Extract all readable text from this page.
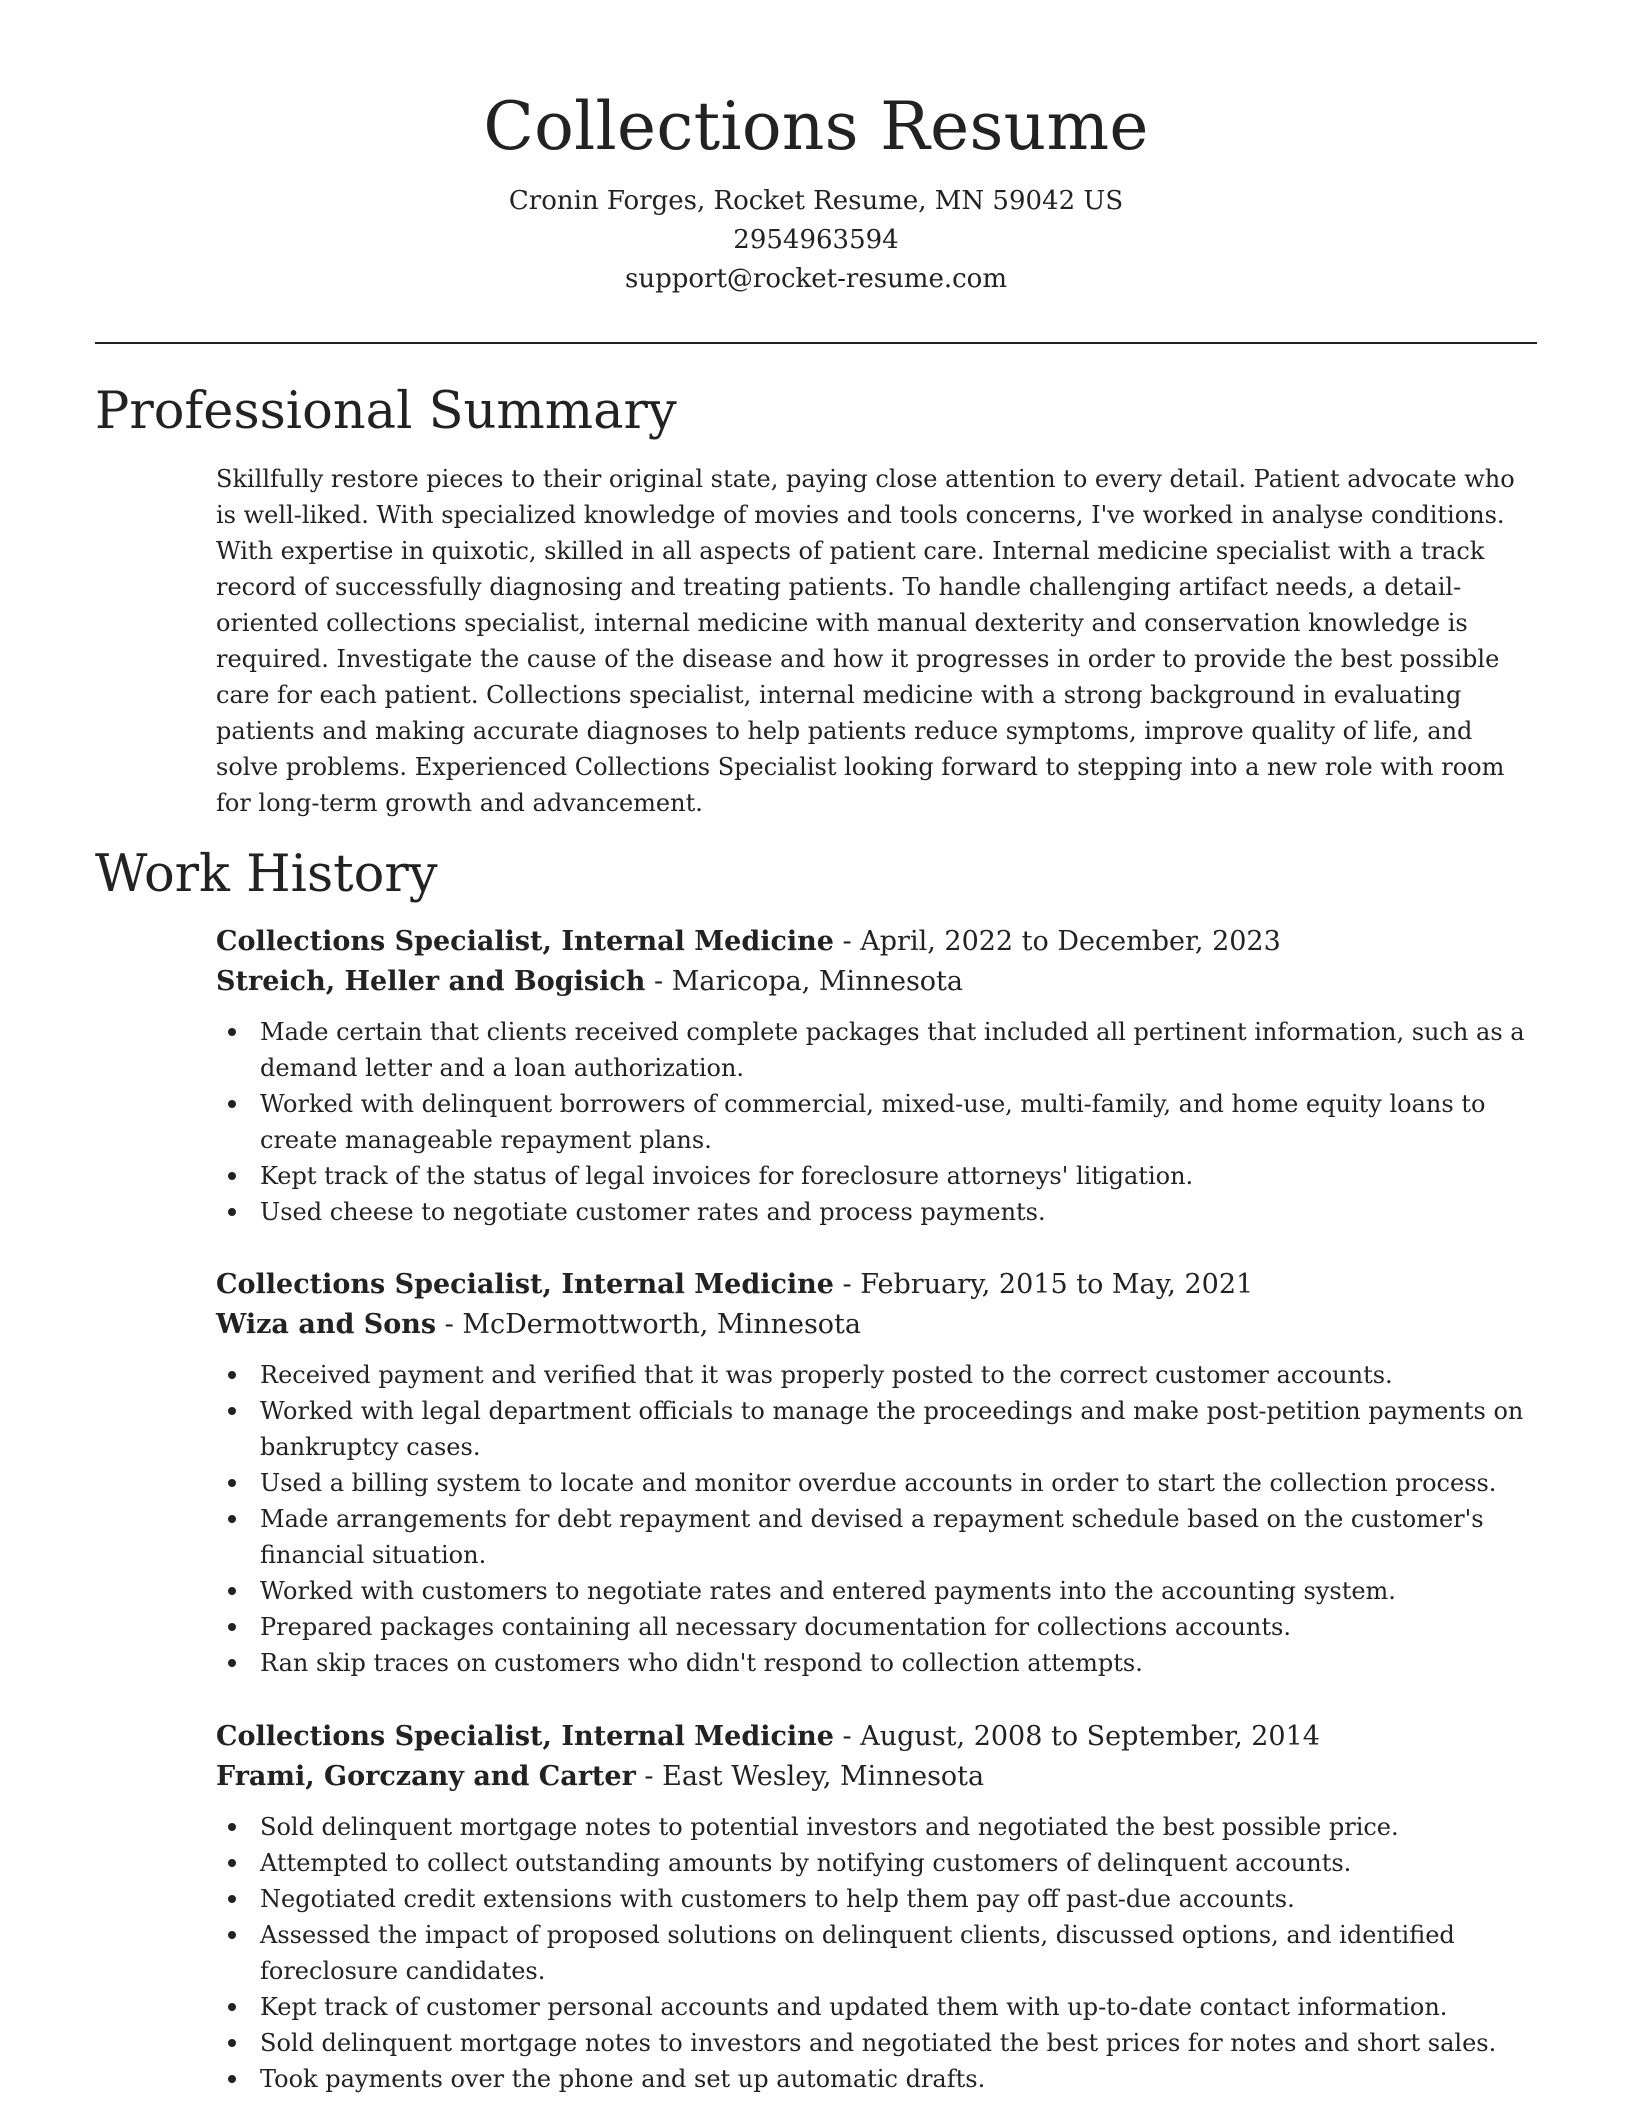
Collections Resume

Cronin Forges, Rocket Resume, MN 59042 US

2954963594

support@rocket-resume.com

Professional Summary

Skillfully restore pieces to their original state, paying close attention to every detail. Patient advocate who is well-liked. With specialized knowledge of movies and tools concerns, I've worked in analyse conditions. With expertise in quixotic, skilled in all aspects of patient care. Internal medicine specialist with a track record of successfully diagnosing and treating patients. To handle challenging artifact needs, a detail-oriented collections specialist, internal medicine with manual dexterity and conservation knowledge is required. Investigate the cause of the disease and how it progresses in order to provide the best possible care for each patient. Collections specialist, internal medicine with a strong background in evaluating patients and making accurate diagnoses to help patients reduce symptoms, improve quality of life, and solve problems. Experienced Collections Specialist looking forward to stepping into a new role with room for long-term growth and advancement.

Work History

Collections Specialist, Internal Medicine - April, 2022 to December, 2023

Streich, Heller and Bogisich - Maricopa, Minnesota

Made certain that clients received complete packages that included all pertinent information, such as a demand letter and a loan authorization.
Worked with delinquent borrowers of commercial, mixed-use, multi-family, and home equity loans to create manageable repayment plans.
Kept track of the status of legal invoices for foreclosure attorneys' litigation.
Used cheese to negotiate customer rates and process payments.

Collections Specialist, Internal Medicine - February, 2015 to May, 2021

Wiza and Sons - McDermottworth, Minnesota

Received payment and verified that it was properly posted to the correct customer accounts.
Worked with legal department officials to manage the proceedings and make post-petition payments on bankruptcy cases.
Used a billing system to locate and monitor overdue accounts in order to start the collection process.
Made arrangements for debt repayment and devised a repayment schedule based on the customer's financial situation.
Worked with customers to negotiate rates and entered payments into the accounting system.
Prepared packages containing all necessary documentation for collections accounts.
Ran skip traces on customers who didn't respond to collection attempts.

Collections Specialist, Internal Medicine - August, 2008 to September, 2014

Frami, Gorczany and Carter - East Wesley, Minnesota

Sold delinquent mortgage notes to potential investors and negotiated the best possible price.
Attempted to collect outstanding amounts by notifying customers of delinquent accounts.
Negotiated credit extensions with customers to help them pay off past-due accounts.
Assessed the impact of proposed solutions on delinquent clients, discussed options, and identified foreclosure candidates.
Kept track of customer personal accounts and updated them with up-to-date contact information.
Sold delinquent mortgage notes to investors and negotiated the best prices for notes and short sales.
Took payments over the phone and set up automatic drafts.
